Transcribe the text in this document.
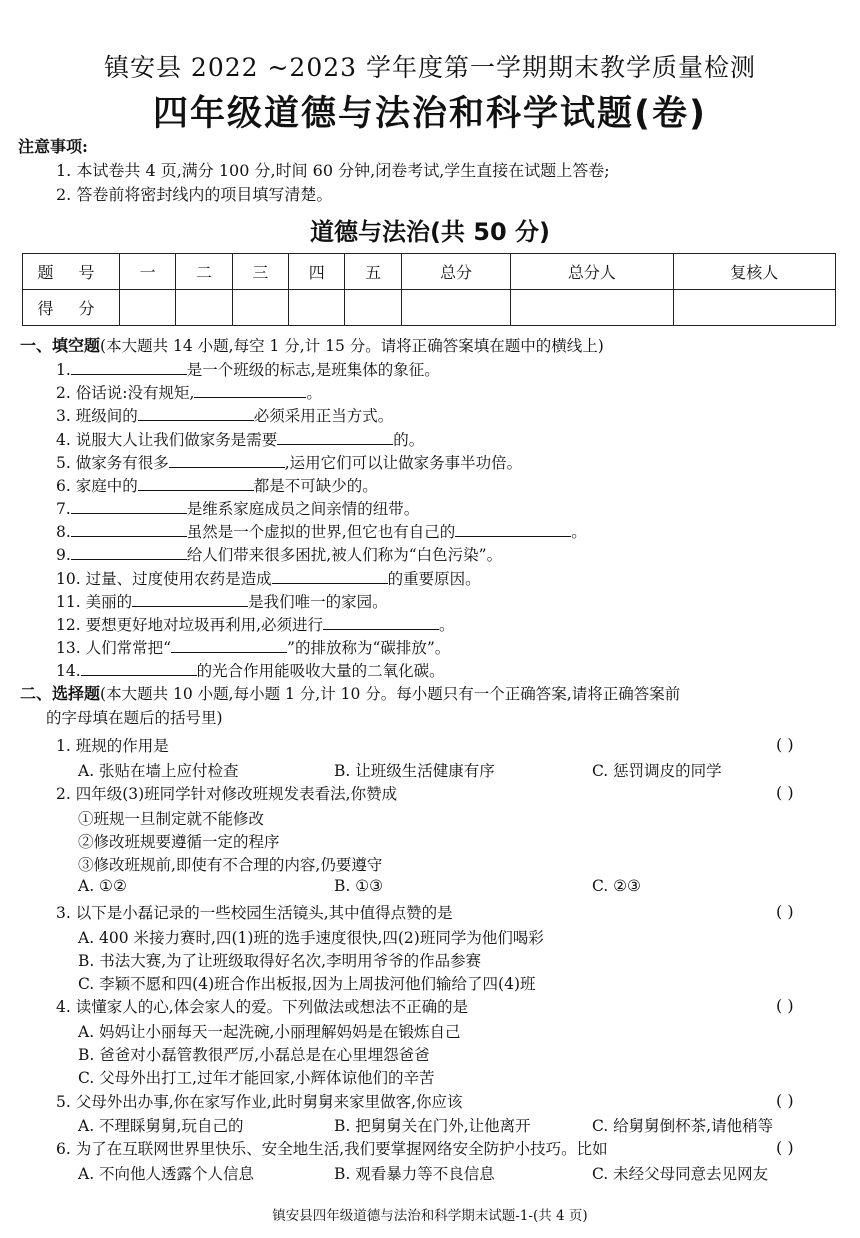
镇安县 2022 ~2023 学年度第一学期期末教学质量检测
四年级道德与法治和科学试题(卷)
注意事项:
1. 本试卷共 4 页,满分 100 分,时间 60 分钟,闭卷考试,学生直接在试题上答卷;
2. 答卷前将密封线内的项目填写清楚。
道德与法治(共 50 分)
题 号	一	二	三	四	五	总分	总分人	复核人
得 分								
一、填空题(本大题共 14 小题,每空 1 分,计 15 分。请将正确答案填在题中的横线上)
1.	是一个班级的标志,是班集体的象征。
2. 俗话说:没有规矩,	。
3. 班级间的	必须采用正当方式。
4. 说服大人让我们做家务是需要	的。
5. 做家务有很多	,运用它们可以让做家务事半功倍。
6. 家庭中的	都是不可缺少的。
7.	是维系家庭成员之间亲情的纽带。
8.	虽然是一个虚拟的世界,但它也有自己的	。
9.	给人们带来很多困扰,被人们称为“白色污染”。
10. 过量、过度使用农药是造成	的重要原因。
11. 美丽的	是我们唯一的家园。
12. 要想更好地对垃圾再利用,必须进行	。
13. 人们常常把“	”的排放称为“碳排放”。
14.	的光合作用能吸收大量的二氧化碳。
二、选择题(本大题共 10 小题,每小题 1 分,计 10 分。每小题只有一个正确答案,请将正确答案前
的字母填在题后的括号里)
1. 班规的作用是	( )
A. 张贴在墙上应付检查	B. 让班级生活健康有序	C. 惩罚调皮的同学
2. 四年级(3)班同学针对修改班规发表看法,你赞成	( )
①班规一旦制定就不能修改
②修改班规要遵循一定的程序
③修改班规前,即使有不合理的内容,仍要遵守
A. ①②	B. ①③	C. ②③
3. 以下是小磊记录的一些校园生活镜头,其中值得点赞的是	( )
A. 400 米接力赛时,四(1)班的选手速度很快,四(2)班同学为他们喝彩
B. 书法大赛,为了让班级取得好名次,李明用爷爷的作品参赛
C. 李颖不愿和四(4)班合作出板报,因为上周拔河他们输给了四(4)班
4. 读懂家人的心,体会家人的爱。下列做法或想法不正确的是	( )
A. 妈妈让小丽每天一起洗碗,小丽理解妈妈是在锻炼自己
B. 爸爸对小磊管教很严厉,小磊总是在心里埋怨爸爸
C. 父母外出打工,过年才能回家,小辉体谅他们的辛苦
5. 父母外出办事,你在家写作业,此时舅舅来家里做客,你应该	( )
A. 不理睬舅舅,玩自己的	B. 把舅舅关在门外,让他离开	C. 给舅舅倒杯茶,请他稍等
6. 为了在互联网世界里快乐、安全地生活,我们要掌握网络安全防护小技巧。比如	( )
A. 不向他人透露个人信息	B. 观看暴力等不良信息	C. 未经父母同意去见网友
镇安县四年级道德与法治和科学期末试题-1-(共 4 页)
